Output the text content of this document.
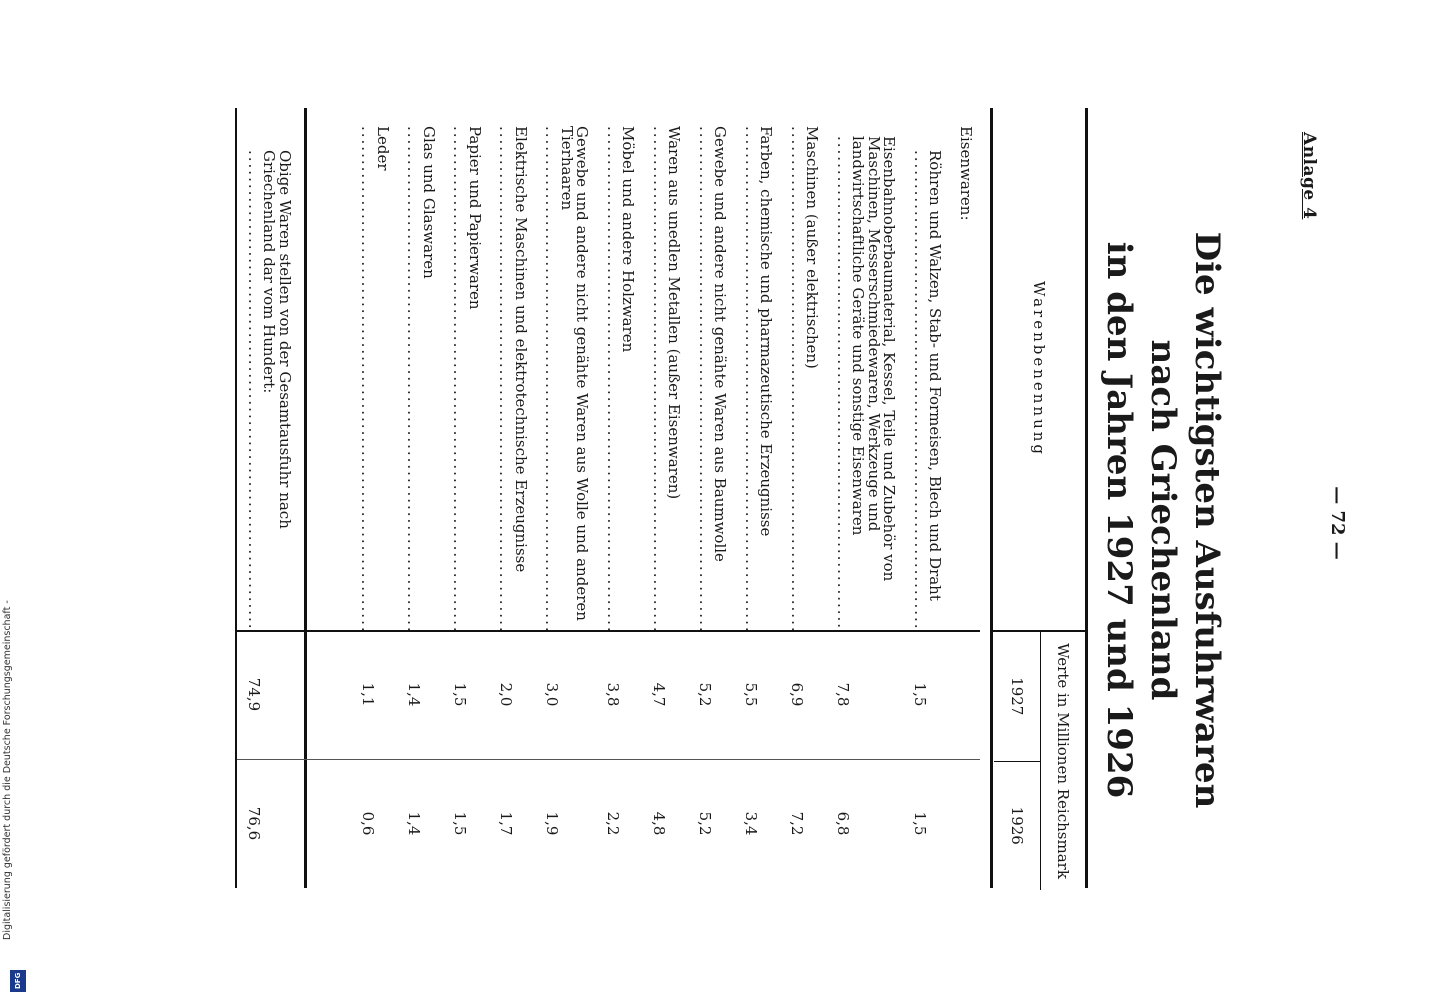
Anlage 4
— 72 —
Die wichtigsten Ausfuhrwaren nach Griechenland
in den Jahren 1927 und 1926
Warenbenennung
Werte in Millionen Reichsmark
1927
1926
Eisenwaren:
Röhren und Walzen, Stab- und Formeisen, Blech und Draht .....
1,5
1,5
Eisenbahnoberbaumaterial, Kessel, Teile und Zubehör von Maschinen, Messerschmiedewaren, Werkzeuge und landwirtschaftliche Geräte und sonstige Eisenwaren .....
7,8
6,8
Maschinen (außer elektrischen) .....
6,9
7,2
Farben, chemische und pharmazeutische Erzeugnisse .....
5,5
3,4
Gewebe und andere nicht genähte Waren aus Baumwolle .....
5,2
5,2
Waren aus unedlen Metallen (außer Eisenwaren) .....
4,7
4,8
Möbel und andere Holzwaren .....
3,8
2,2
Gewebe und andere nicht genähte Waren aus Wolle und anderen Tierhaaren .....
3,0
1,9
Elektrische Maschinen und elektrotechnische Erzeugnisse .....
2,0
1,7
Papier und Papierwaren .....
1,5
1,5
Glas und Glaswaren .....
1,4
1,4
Leder .....
1,1
0,6
Obige Waren stellen von der Gesamtausfuhr nach Griechenland dar vom Hundert: .....
74,9
76,6
Digitalisierung gefördert durch die Deutsche Forschungsgemeinschaft -
DFG
